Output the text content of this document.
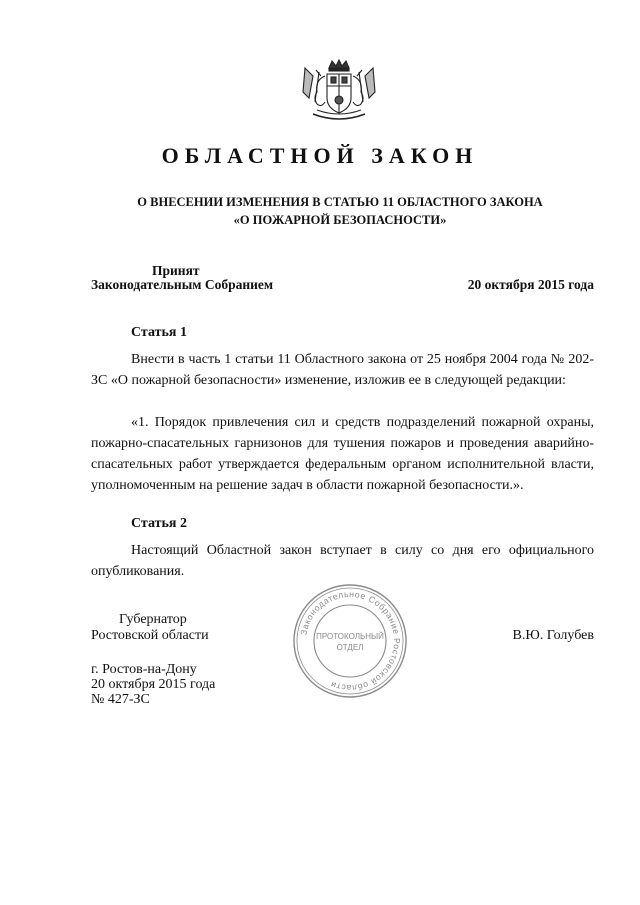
ОБЛАСТНОЙ ЗАКОН
О ВНЕСЕНИИ ИЗМЕНЕНИЯ В СТАТЬЮ 11 ОБЛАСТНОГО ЗАКОНА
«О ПОЖАРНОЙ БЕЗОПАСНОСТИ»
Принят
Законодательным Собранием	20 октября 2015 года
Статья 1
Внести в часть 1 статьи 11 Областного закона от 25 ноября 2004 года № 202-ЗС «О пожарной безопасности» изменение, изложив ее в следующей редакции:
«1. Порядок привлечения сил и средств подразделений пожарной охраны, пожарно-спасательных гарнизонов для тушения пожаров и проведения аварийно-спасательных работ утверждается федеральным органом исполнительной власти, уполномоченным на решение задач в области пожарной безопасности.».
Статья 2
Настоящий Областной закон вступает в силу со дня его официального опубликования.
Губернатор
Ростовской области	В.Ю. Голубев
г. Ростов-на-Дону
20 октября 2015 года
№ 427-ЗС
Законодательное Собрание Ростовской области
ПРОТОКОЛЬНЫЙ
ОТДЕЛ
